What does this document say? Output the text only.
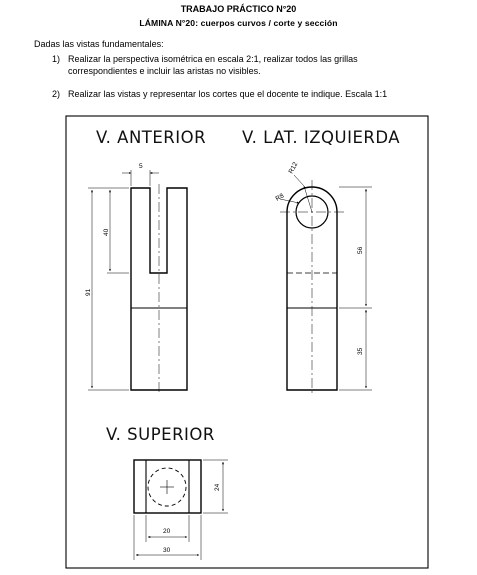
TRABAJO PRÁCTICO N°20
LÁMINA N°20: cuerpos curvos / corte y sección
Dadas las vistas fundamentales:
1) Realizar la perspectiva isométrica en escala 2:1, realizar todos las grillas
correspondientes e incluir las aristas no visibles.
2) Realizar las vistas y representar los cortes que el docente te indique. Escala 1:1
V. ANTERIOR V. LAT. IZQUIERDA
V. SUPERIOR
5
40
91
R12
R8
56
35
24
20
30
